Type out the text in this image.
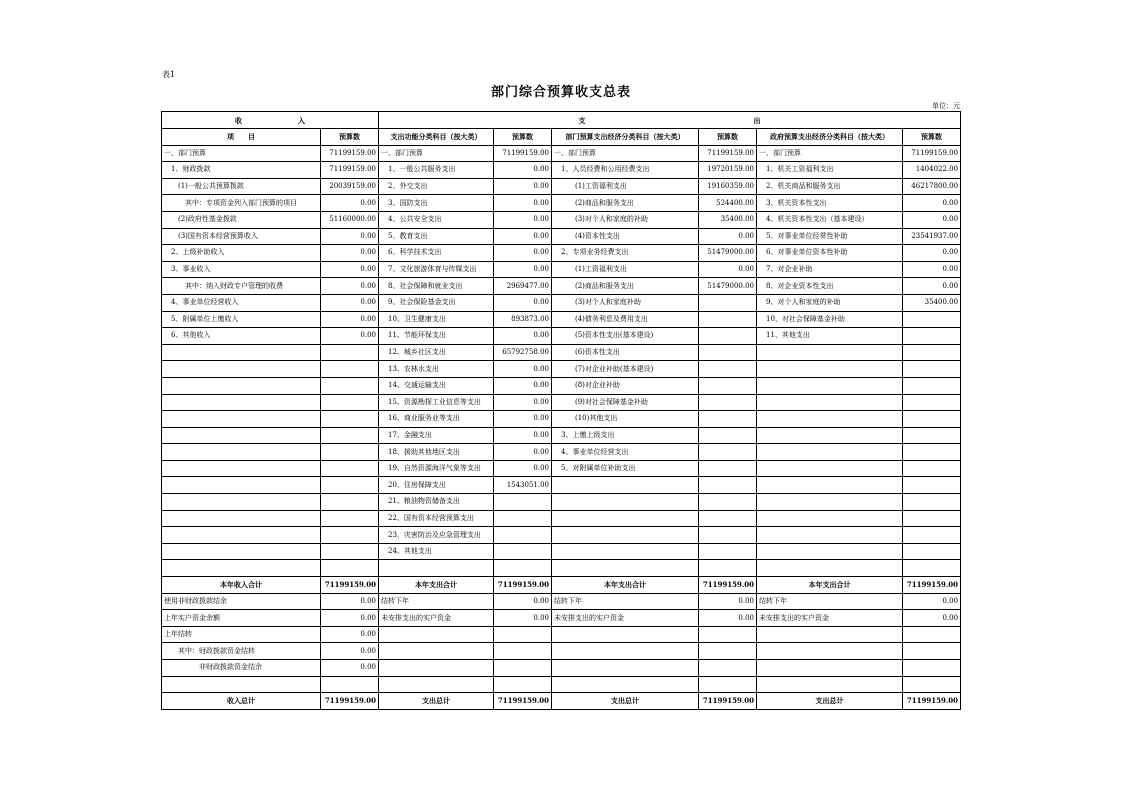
表1
部门综合预算收支总表
单位：元
收　　　　　　　　入		支　　　　　　　　　　　　　　　　　　　　　　　　出					
项　　目	预算数	支出功能分类科目（按大类）	预算数	部门预算支出经济分类科目（按大类）	预算数	政府预算支出经济分类科目（按大类）	预算数
一、部门预算	71199159.00	一、部门预算	71199159.00	一、部门预算	71199159.00	一、部门预算	71199159.00
　1、财政拨款	71199159.00	　1、一般公共服务支出	0.00	　1、人员经费和公用经费支出	19720159.00	　1、机关工资福利支出	1404022.00
　　(1)一般公共预算拨款	20039159.00	　2、外交支出	0.00	　　　(1)工资福利支出	19160359.00	　2、机关商品和服务支出	46217800.00
　　　其中：专项资金列入部门预算的项目	0.00	　3、国防支出	0.00	　　　(2)商品和服务支出	524400.00	　3、机关资本性支出	0.00
　　(2)政府性基金拨款	51160000.00	　4、公共安全支出	0.00	　　　(3)对个人和家庭的补助	35400.00	　4、机关资本性支出（基本建设）	0.00
　　(3)国有资本经营预算收入	0.00	　5、教育支出	0.00	　　　(4)资本性支出	0.00	　5、对事业单位经常性补助	23541937.00
　2、上级补助收入	0.00	　6、科学技术支出	0.00	　2、专项业务经费支出	51479000.00	　6、对事业单位资本性补助	0.00
　3、事业收入	0.00	　7、文化旅游体育与传媒支出	0.00	　　　(1)工资福利支出	0.00	　7、对企业补助	0.00
　　　其中：纳入财政专户管理的收费	0.00	　8、社会保障和就业支出	2969477.00	　　　(2)商品和服务支出	51479000.00	　8、对企业资本性支出	0.00
　4、事业单位经营收入	0.00	　9、社会保险基金支出	0.00	　　　(3)对个人和家庭补助		　9、对个人和家庭的补助	35400.00
　5、附属单位上缴收入	0.00	　10、卫生健康支出	893873.00	　　　(4)债务利息及费用支出		　10、对社会保障基金补助	
　6、其他收入	0.00	　11、节能环保支出	0.00	　　　(5)资本性支出(基本建设)		　11、其他支出	
		　12、城乡社区支出	65792758.00	　　　(6)资本性支出			
		　13、农林水支出	0.00	　　　(7)对企业补助(基本建设)			
		　14、交通运输支出	0.00	　　　(8)对企业补助			
		　15、资源勘探工业信息等支出	0.00	　　　(9)对社会保障基金补助			
		　16、商业服务业等支出	0.00	　　　(10)其他支出			
		　17、金融支出	0.00	　3、上缴上级支出			
		　18、援助其他地区支出	0.00	　4、事业单位经营支出			
		　19、自然资源海洋气象等支出	0.00	　5、对附属单位补助支出			
		　20、住房保障支出	1543051.00				
		　21、粮油物资储备支出					
		　22、国有资本经营预算支出					
		　23、灾害防治及应急管理支出					
		　24、其他支出					

本年收入合计	71199159.00	本年支出合计	71199159.00	本年支出合计	71199159.00	本年支出合计	71199159.00
使用非财政拨款结余	0.00	结转下年	0.00	结转下年	0.00	结转下年	0.00
上年实户资金余额	0.00	未安排支出的实户资金	0.00	未安排支出的实户资金	0.00	未安排支出的实户资金	0.00
上年结转	0.00						
　　其中：财政拨款资金结转	0.00						
　　　　　非财政拨款资金结余	0.00						

收入总计	71199159.00	支出总计	71199159.00	支出总计	71199159.00	支出总计	71199159.00
